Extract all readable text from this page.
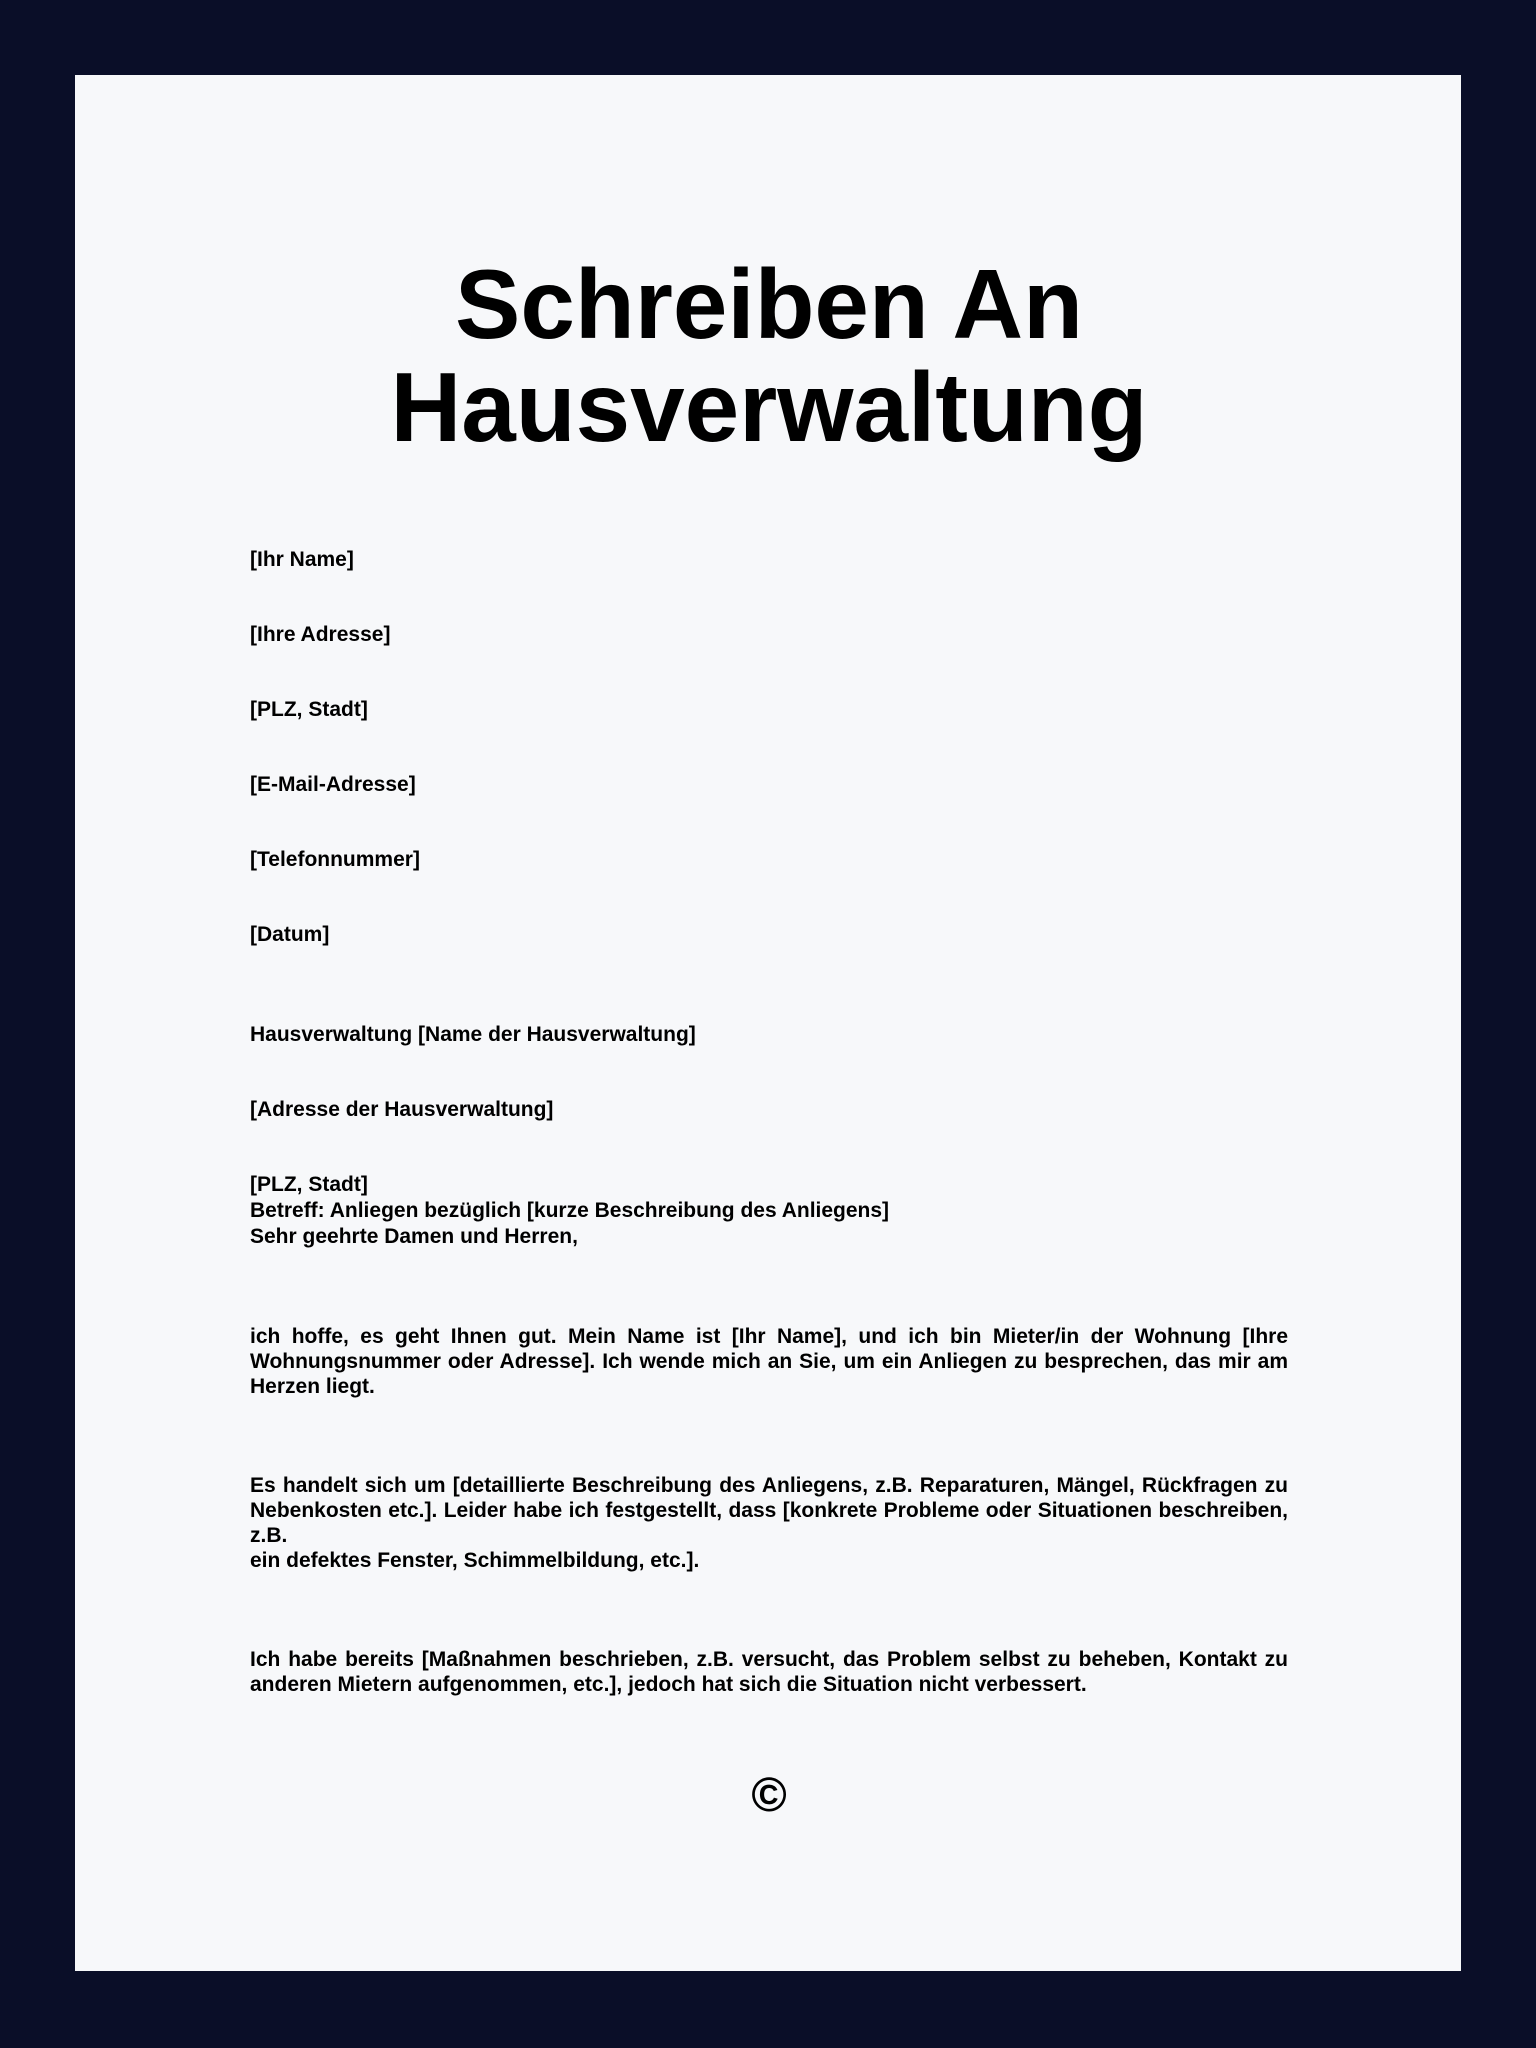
Schreiben An
Hausverwaltung

[Ihr Name]

[Ihre Adresse]

[PLZ, Stadt]

[E-Mail-Adresse]

[Telefonnummer]

[Datum]

Hausverwaltung [Name der Hausverwaltung]

[Adresse der Hausverwaltung]

[PLZ, Stadt]

Betreff: Anliegen bezüglich [kurze Beschreibung des Anliegens]

Sehr geehrte Damen und Herren,

ich hoffe, es geht Ihnen gut. Mein Name ist [Ihr Name], und ich bin Mieter/in der Wohnung [Ihre
Wohnungsnummer oder Adresse]. Ich wende mich an Sie, um ein Anliegen zu besprechen, das mir am
Herzen liegt.
Es handelt sich um [detaillierte Beschreibung des Anliegens, z.B. Reparaturen, Mängel, Rückfragen zu
Nebenkosten etc.]. Leider habe ich festgestellt, dass [konkrete Probleme oder Situationen beschreiben, z.B.
ein defektes Fenster, Schimmelbildung, etc.].
Ich habe bereits [Maßnahmen beschrieben, z.B. versucht, das Problem selbst zu beheben, Kontakt zu
anderen Mietern aufgenommen, etc.], jedoch hat sich die Situation nicht verbessert.
©
